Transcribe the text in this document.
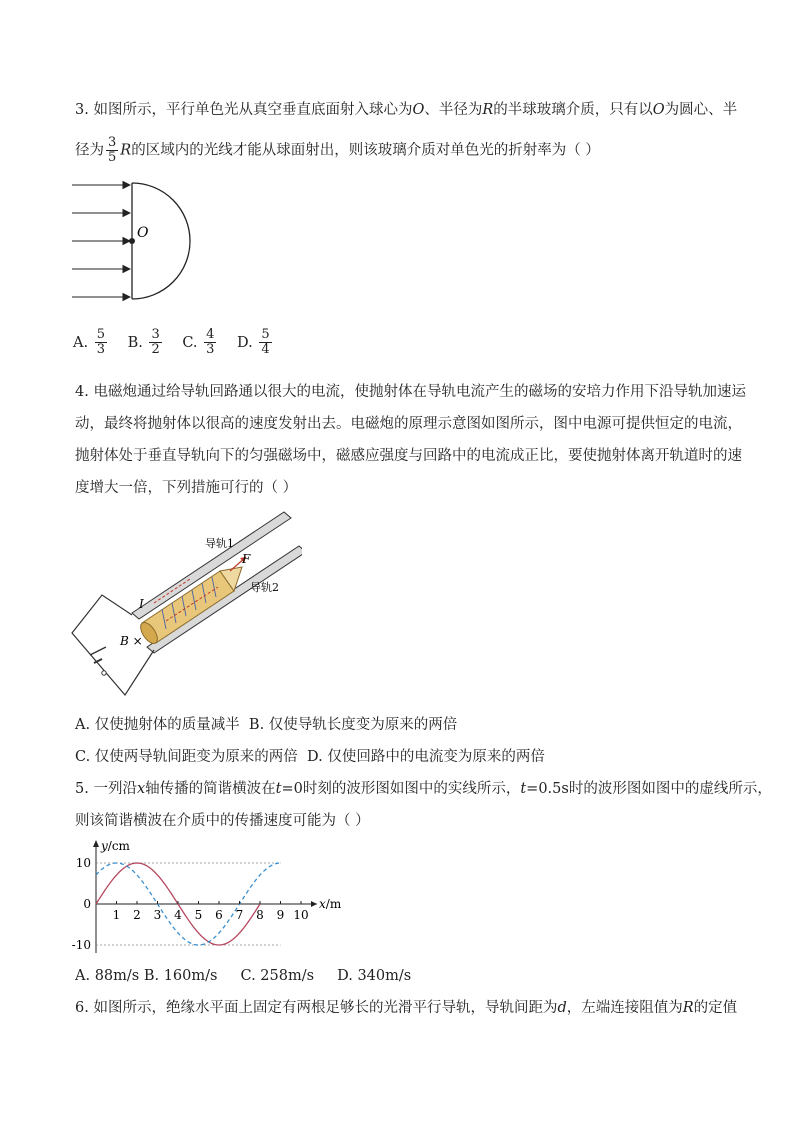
3. 如图所示，平行单色光从真空垂直底面射入球心为O、半径为R的半球玻璃介质，只有以O为圆心、半
径为 $\frac{3}{5}$ R的区域内的光线才能从球面射出，则该玻璃介质对单色光的折射率为（ ）
O
A. $\frac{5}{3} B$. $\frac{3}{2} C$. $\frac{4}{3} D$. $\frac{5}{4}$
4. 电磁炮通过给导轨回路通以很大的电流，使抛射体在导轨电流产生的磁场的安培力作用下沿导轨加速运
动，最终将抛射体以很高的速度发射出去。电磁炮的原理示意图如图所示，图中电源可提供恒定的电流，
抛射体处于垂直导轨向下的匀强磁场中，磁感应强度与回路中的电流成正比，要使抛射体离开轨道时的速
度增大一倍，下列措施可行的（ ）
导轨1
导轨2
F
I
B ×
A. 仅使抛射体的质量减半 B. 仅使导轨长度变为原来的两倍
C. 仅使两导轨间距变为原来的两倍 D. 仅使回路中的电流变为原来的两倍
5. 一列沿x轴传播的简谐横波在t=0时刻的波形图如图中的实线所示，t=0.5s时的波形图如图中的虚线所示，
则该简谐横波在介质中的传播速度可能为（ ）
10
0
-10
1 2 3 4 5 6 7 8 9 10
y/cm
x/m
A. 88m/s B. 160m/s C. 258m/s D. 340m/s
6. 如图所示，绝缘水平面上固定有两根足够长的光滑平行导轨，导轨间距为d，左端连接阻值为R的定值
